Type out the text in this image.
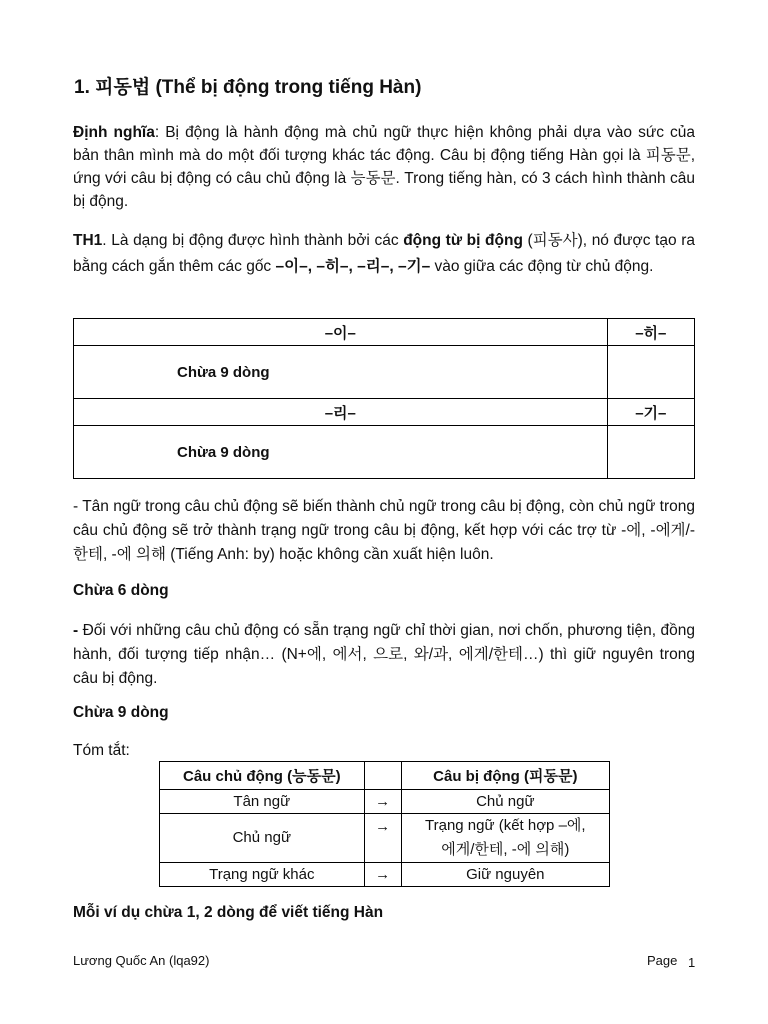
1. 피동법 (Thể bị động trong tiếng Hàn)

Định nghĩa: Bị động là hành động mà chủ ngữ thực hiện không phải dựa vào sức của bản thân mình mà do một đối tượng khác tác động. Câu bị động tiếng Hàn gọi là 피동문, ứng với câu bị động có câu chủ động là 능동문. Trong tiếng hàn, có 3 cách hình thành câu bị động.

TH1. Là dạng bị động được hình thành bởi các động từ bị động (피동사), nó được tạo ra bằng cách gắn thêm các gốc –이–, –히–, –리–, –기– vào giữa các động từ chủ động.

–이–	–히–
Chừa 9 dòng	
–리–	–기–
Chừa 9 dòng	

- Tân ngữ trong câu chủ động sẽ biến thành chủ ngữ trong câu bị động, còn chủ ngữ trong câu chủ động sẽ trở thành trạng ngữ trong câu bị động, kết hợp với các trợ từ -에, -에게/-한테, -에 의해 (Tiếng Anh: by) hoặc không cần xuất hiện luôn.

Chừa 6 dòng

- Đối với những câu chủ động có sẵn trạng ngữ chỉ thời gian, nơi chốn, phương tiện, đồng hành, đối tượng tiếp nhận… (N+에, 에서, 으로, 와/과, 에게/한테…) thì giữ nguyên trong câu bị động.

Chừa 9 dòng
Tóm tắt:
Câu chủ động (능동문)		Câu bị động (피동문)
Tân ngữ	→	Chủ ngữ
Chủ ngữ	→	Trạng ngữ (kết hợp –에,
에게/한테, -에 의해)
Trạng ngữ khác	→	Giữ nguyên
Mỗi ví dụ chừa 1, 2 dòng để viết tiếng Hàn
Lương Quốc An (lqa92)	Page 1
